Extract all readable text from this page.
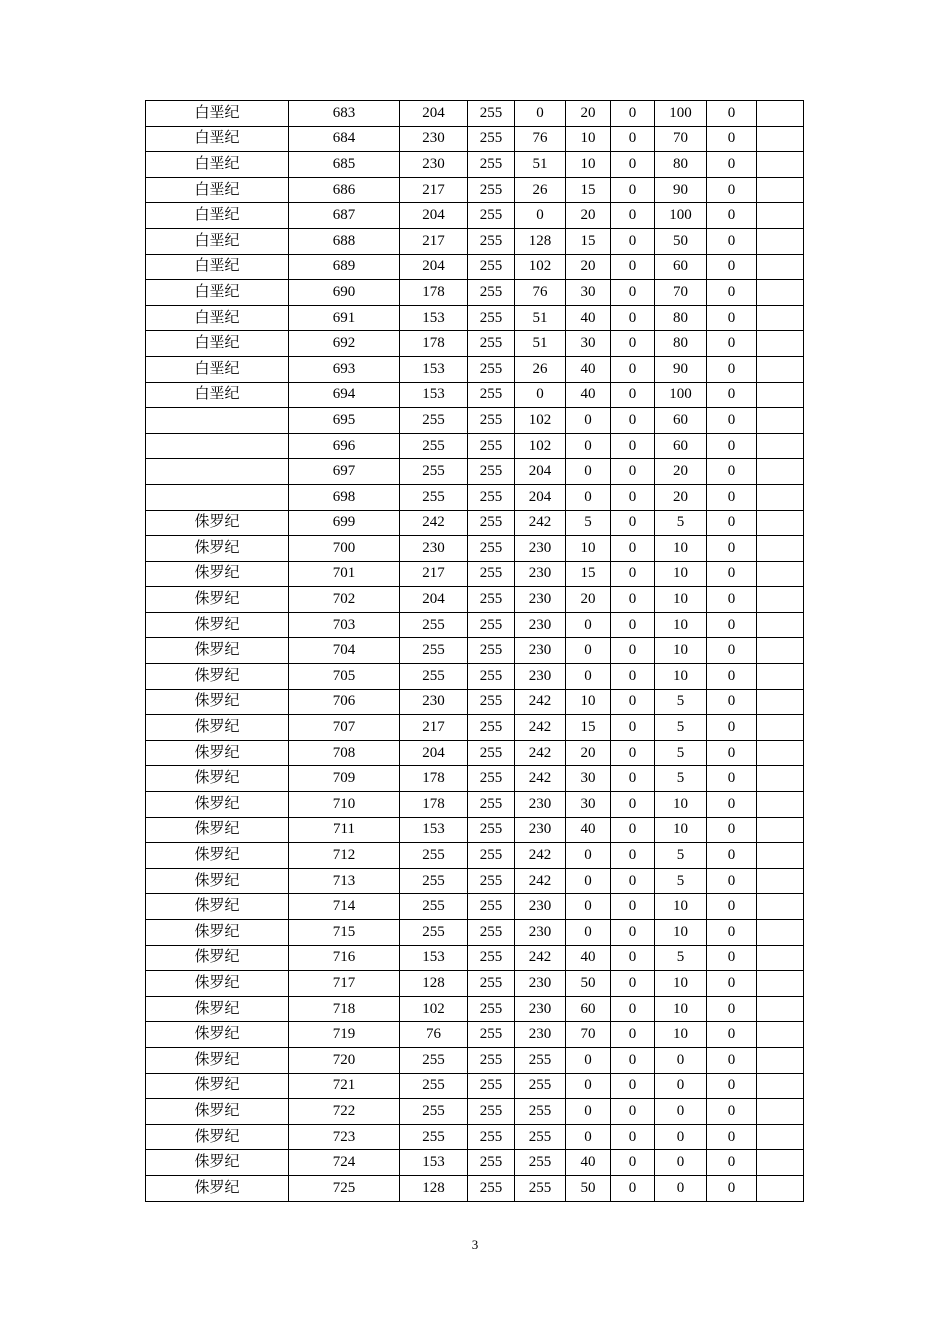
白垩纪	683	204	255	0	20	0	100	0	
白垩纪	684	230	255	76	10	0	70	0	
白垩纪	685	230	255	51	10	0	80	0	
白垩纪	686	217	255	26	15	0	90	0	
白垩纪	687	204	255	0	20	0	100	0	
白垩纪	688	217	255	128	15	0	50	0	
白垩纪	689	204	255	102	20	0	60	0	
白垩纪	690	178	255	76	30	0	70	0	
白垩纪	691	153	255	51	40	0	80	0	
白垩纪	692	178	255	51	30	0	80	0	
白垩纪	693	153	255	26	40	0	90	0	
白垩纪	694	153	255	0	40	0	100	0	
	695	255	255	102	0	0	60	0	
	696	255	255	102	0	0	60	0	
	697	255	255	204	0	0	20	0	
	698	255	255	204	0	0	20	0	
侏罗纪	699	242	255	242	5	0	5	0	
侏罗纪	700	230	255	230	10	0	10	0	
侏罗纪	701	217	255	230	15	0	10	0	
侏罗纪	702	204	255	230	20	0	10	0	
侏罗纪	703	255	255	230	0	0	10	0	
侏罗纪	704	255	255	230	0	0	10	0	
侏罗纪	705	255	255	230	0	0	10	0	
侏罗纪	706	230	255	242	10	0	5	0	
侏罗纪	707	217	255	242	15	0	5	0	
侏罗纪	708	204	255	242	20	0	5	0	
侏罗纪	709	178	255	242	30	0	5	0	
侏罗纪	710	178	255	230	30	0	10	0	
侏罗纪	711	153	255	230	40	0	10	0	
侏罗纪	712	255	255	242	0	0	5	0	
侏罗纪	713	255	255	242	0	0	5	0	
侏罗纪	714	255	255	230	0	0	10	0	
侏罗纪	715	255	255	230	0	0	10	0	
侏罗纪	716	153	255	242	40	0	5	0	
侏罗纪	717	128	255	230	50	0	10	0	
侏罗纪	718	102	255	230	60	0	10	0	
侏罗纪	719	76	255	230	70	0	10	0	
侏罗纪	720	255	255	255	0	0	0	0	
侏罗纪	721	255	255	255	0	0	0	0	
侏罗纪	722	255	255	255	0	0	0	0	
侏罗纪	723	255	255	255	0	0	0	0	
侏罗纪	724	153	255	255	40	0	0	0	
侏罗纪	725	128	255	255	50	0	0	0	
3
